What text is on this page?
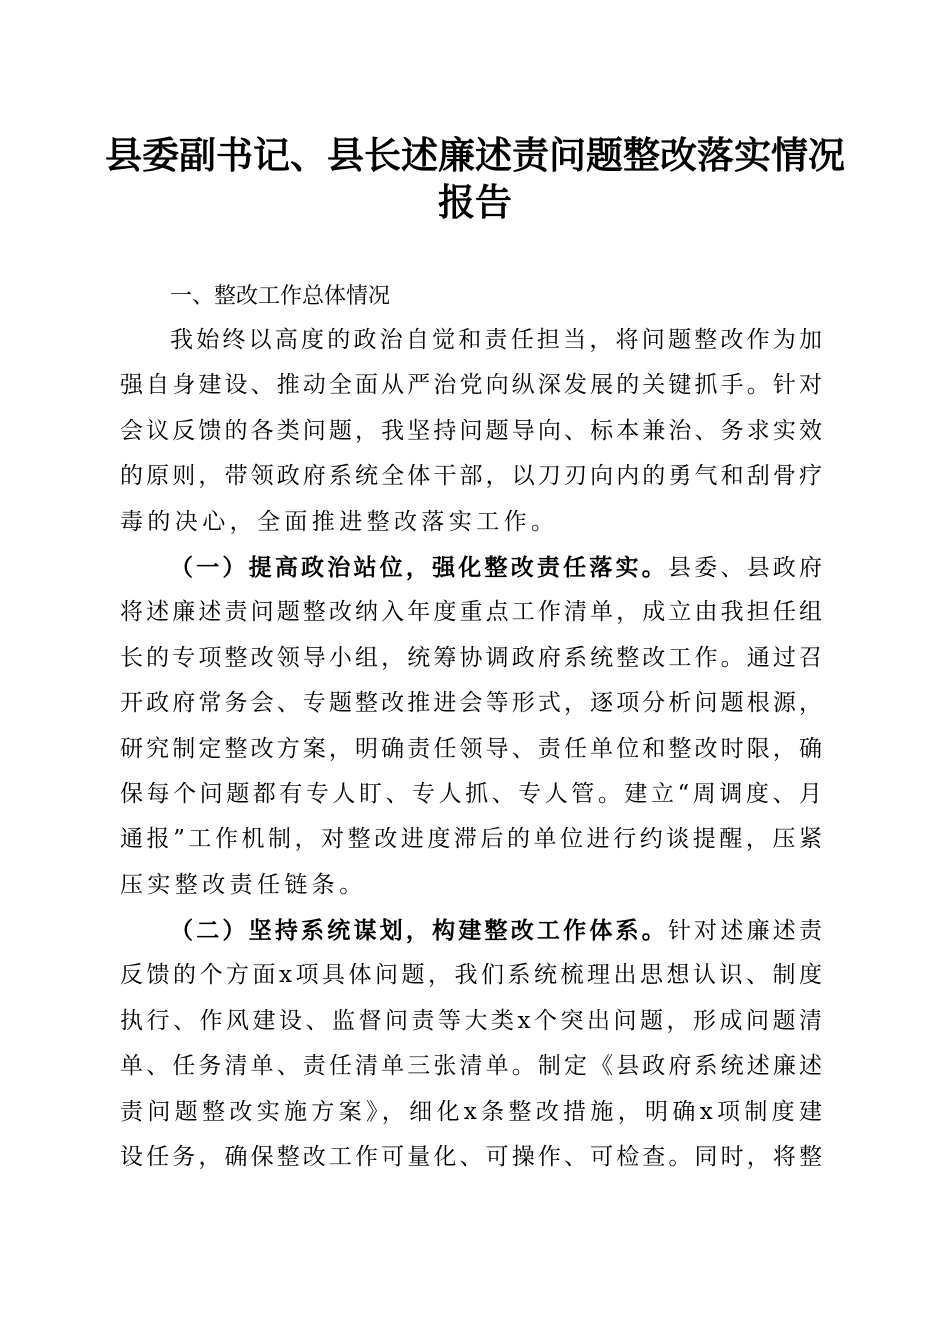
县委副书记、县长述廉述责问题整改落实情况
报告
一、整改工作总体情况
我始终以高度的政治自觉和责任担当，将问题整改作为加
强自身建设、推动全面从严治党向纵深发展的关键抓手。针对
会议反馈的各类问题，我坚持问题导向、标本兼治、务求实效
的原则，带领政府系统全体干部，以刀刃向内的勇气和刮骨疗
毒的决心，全面推进整改落实工作。
（一）提高政治站位，强化整改责任落实。县委、县政府
将述廉述责问题整改纳入年度重点工作清单，成立由我担任组
长的专项整改领导小组，统筹协调政府系统整改工作。通过召
开政府常务会、专题整改推进会等形式，逐项分析问题根源，
研究制定整改方案，明确责任领导、责任单位和整改时限，确
保每个问题都有专人盯、专人抓、专人管。建立“周调度、月
通报”工作机制，对整改进度滞后的单位进行约谈提醒，压紧
压实整改责任链条。
（二）坚持系统谋划，构建整改工作体系。针对述廉述责
反馈的个方面x项具体问题，我们系统梳理出思想认识、制度
执行、作风建设、监督问责等大类x个突出问题，形成问题清
单、任务清单、责任清单三张清单。制定《县政府系统述廉述
责问题整改实施方案》，细化x条整改措施，明确x项制度建
设任务，确保整改工作可量化、可操作、可检查。同时，将整
